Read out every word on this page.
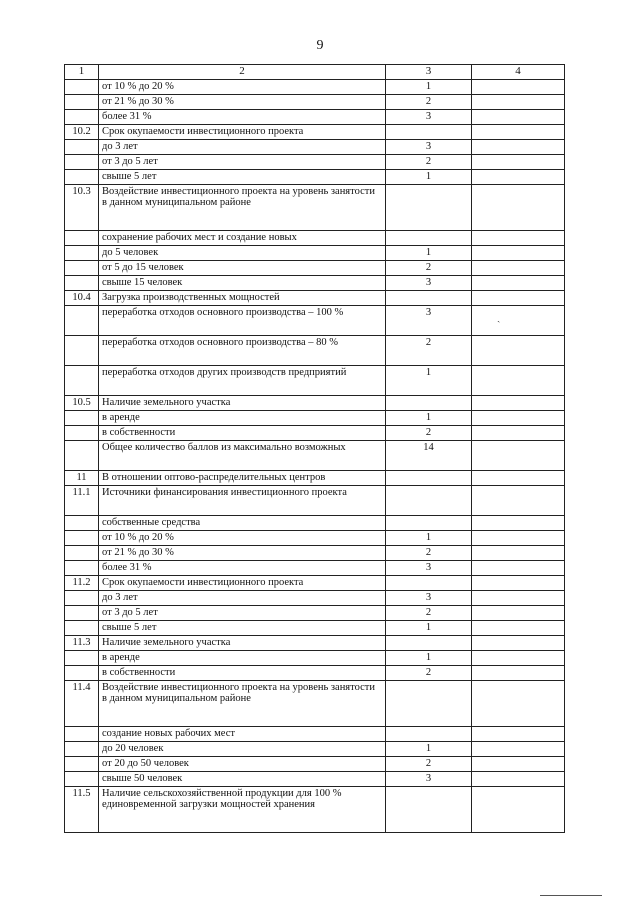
9
1	2	3	4
	от 10 % до 20 %	1	
	от 21 % до 30 %	2	
	более 31 %	3	
10.2	Срок окупаемости инвестиционного проекта		
	до 3 лет	3	
	от 3 до 5 лет	2	
	свыше 5 лет	1	
10.3	Воздействие инвестиционного проекта на уровень занятости в данном муниципальном районе		
	сохранение рабочих мест и создание новых		
	до 5 человек	1	
	от 5 до 15 человек	2	
	свыше 15 человек	3	
10.4	Загрузка производственных мощностей		
	переработка отходов основного производства – 100 %	3	
	переработка отходов основного производства – 80 %	2	
	переработка отходов других производств предприятий	1	
10.5	Наличие земельного участка		
	в аренде	1	
	в собственности	2	
	Общее количество баллов из максимально возможных	14	
11	В отношении оптово-распределительных центров		
11.1	Источники финансирования инвестиционного проекта		
	собственные средства		
	от 10 % до 20 %	1	
	от 21 % до 30 %	2	
	более 31 %	3	
11.2	Срок окупаемости инвестиционного проекта		
	до 3 лет	3	
	от 3 до 5 лет	2	
	свыше 5 лет	1	
11.3	Наличие земельного участка		
	в аренде	1	
	в собственности	2	
11.4	Воздействие инвестиционного проекта на уровень занятости в данном муниципальном районе		
	создание новых рабочих мест		
	до 20 человек	1	
	от 20 до 50 человек	2	
	свыше 50 человек	3	
11.5	Наличие сельскохозяйственной продукции для 100 % единовременной загрузки мощностей хранения		
ˎ
